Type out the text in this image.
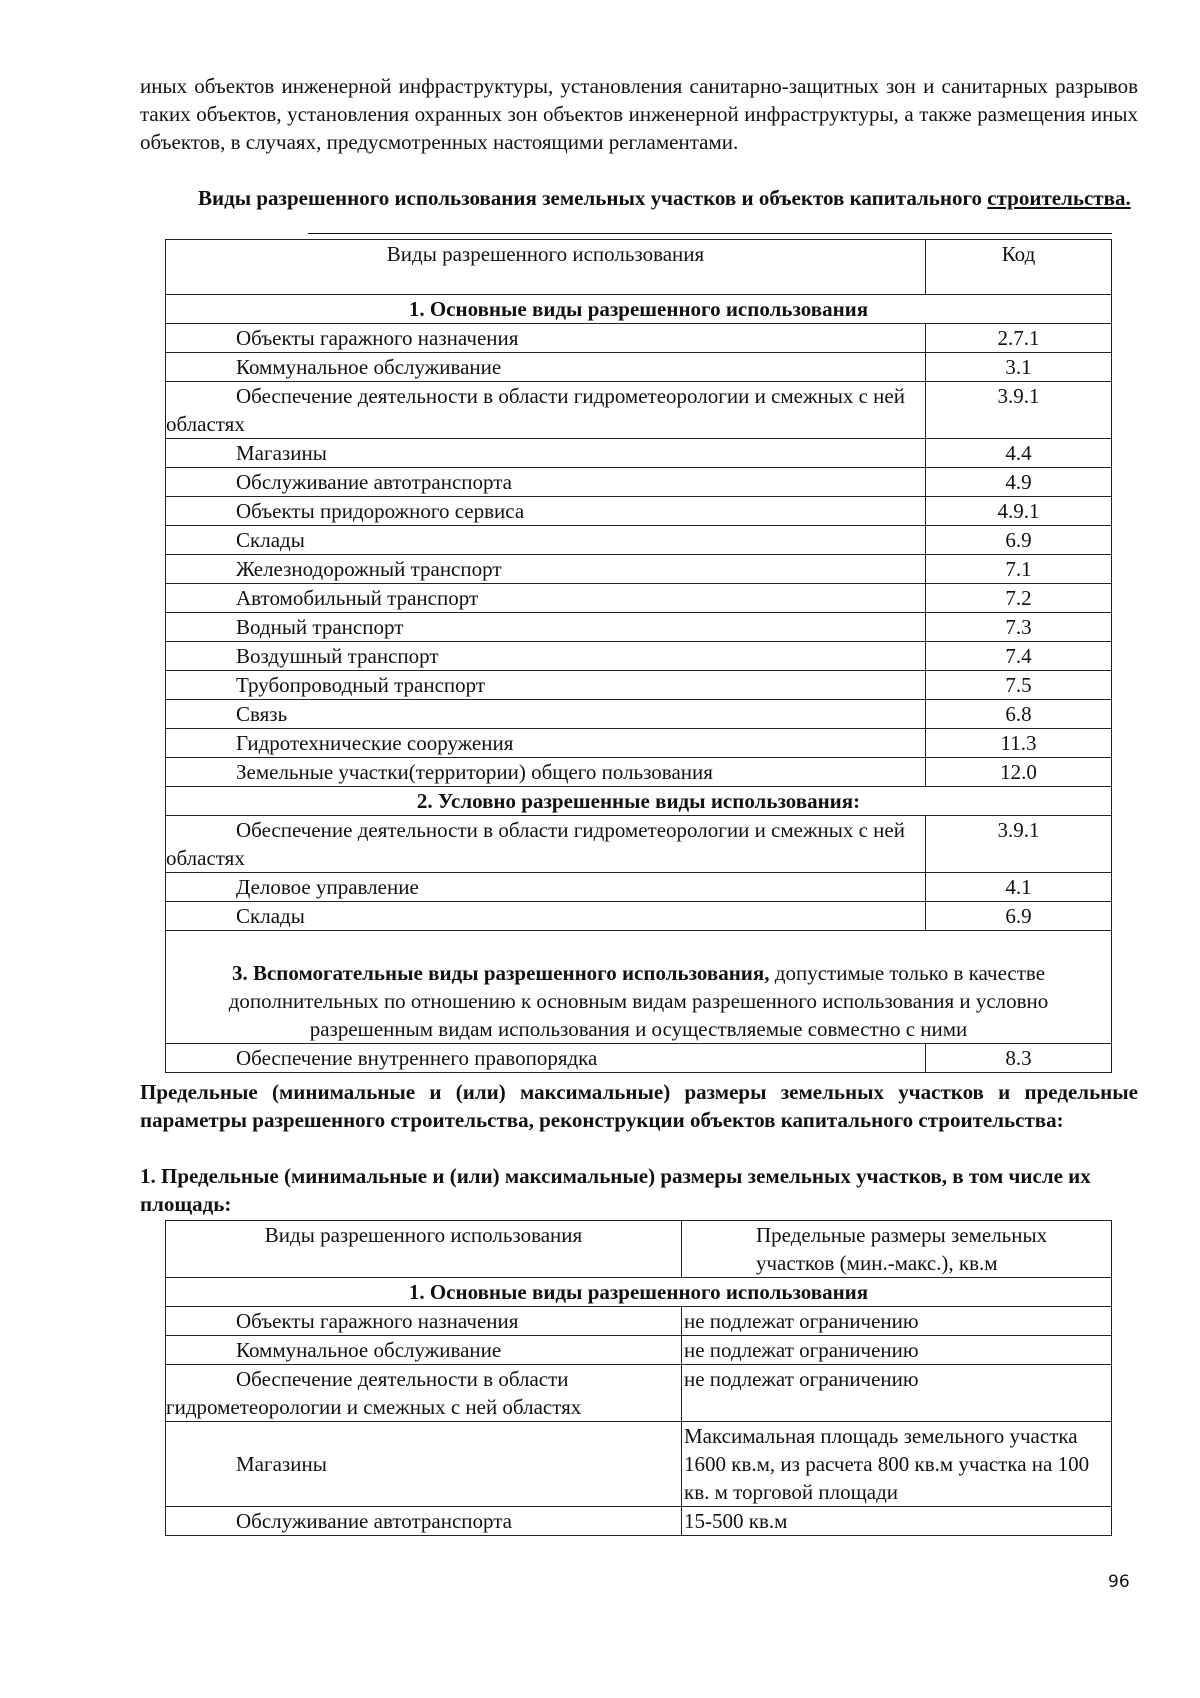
иных объектов инженерной инфраструктуры, установления санитарно-защитных зон и санитарных разрывов таких объектов, установления охранных зон объектов инженерной инфраструктуры, а также размещения иных объектов, в случаях, предусмотренных настоящими регламентами.
Виды разрешенного использования земельных участков и объектов капитального строительства.
Виды разрешенного использования	Код
1. Основные виды разрешенного использования	
Объекты гаражного назначения	2.7.1
Коммунальное обслуживание	3.1
Обеспечение деятельности в области гидрометеорологии и смежных с ней областях	3.9.1
Магазины	4.4
Обслуживание автотранспорта	4.9
Объекты придорожного сервиса	4.9.1
Склады	6.9
Железнодорожный транспорт	7.1
Автомобильный транспорт	7.2
Водный транспорт	7.3
Воздушный транспорт	7.4
Трубопроводный транспорт	7.5
Связь	6.8
Гидротехнические сооружения	11.3
Земельные участки(территории) общего пользования	12.0
2. Условно разрешенные виды использования:	
Обеспечение деятельности в области гидрометеорологии и смежных с ней областях	3.9.1
Деловое управление	4.1
Склады	6.9
3. Вспомогательные виды разрешенного использования, допустимые только в качестве дополнительных по отношению к основным видам разрешенного использования и условно разрешенным видам использования и осуществляемые совместно с ними	
Обеспечение внутреннего правопорядка	8.3
Предельные (минимальные и (или) максимальные) размеры земельных участков и предельные параметры разрешенного строительства, реконструкции объектов капитального строительства:
1. Предельные (минимальные и (или) максимальные) размеры земельных участков, в том числе их площадь:
Виды разрешенного использования	Предельные размеры земельных участков (мин.-макс.), кв.м
1. Основные виды разрешенного использования	
Объекты гаражного назначения	не подлежат ограничению
Коммунальное обслуживание	не подлежат ограничению
Обеспечение деятельности в области гидрометеорологии и смежных с ней областях	не подлежат ограничению
Магазины	Максимальная площадь земельного участка 1600 кв.м, из расчета 800 кв.м участка на 100 кв. м торговой площади
Обслуживание автотранспорта	15-500 кв.м
96
